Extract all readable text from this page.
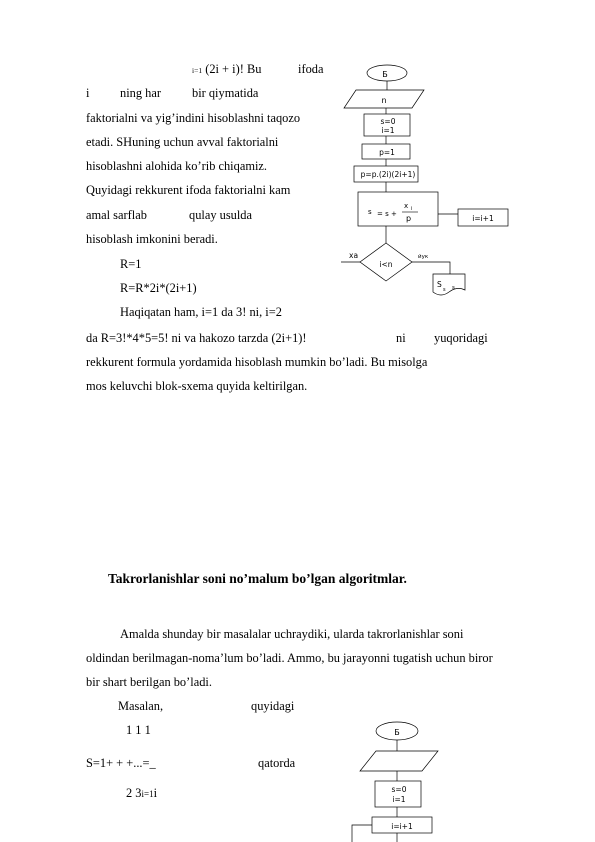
i=1 (2i + i)! Bu	ifoda
i ning har	bir qiymatida
faktorialni va yig’indini hisoblashni taqozo
etadi. SHuning uchun avval faktorialni
hisoblashni alohida ko’rib chiqamiz.
Quyidagi rekkurent ifoda faktorialni kam
amal sarflab	qulay usulda
hisoblash imkonini beradi.
R=1
R=R*2i*(2i+1)
Haqiqatan ham, i=1 da 3! ni, i=2
da R=3!*4*5=5! ni va hakozo tarzda (2i+1)!	ni yuqoridagi
rekkurent formula yordamida hisoblash mumkin bo’ladi. Bu misolga
mos keluvchi blok-sxema quyida keltirilgan.
Б
n
s=0
i=1
p=1
p=p.(2i)(2i+1)
s = s +
x i
p	i=i+1
i<n
ха	йук
S
s s
Б
s=0
i=1
i=i+1
Takrorlanishlar soni no’malum bo’lgan algoritmlar.
Amalda shunday bir masalalar uchraydiki, ularda takrorlanishlar soni
oldindan berilmagan-noma’lum bo’ladi. Ammo, bu jarayonni tugatish uchun biror
bir shart berilgan bo’ladi.
Masalan,	quyidagi
1 1 1
S=1+ + +...=_	qatorda
2 3i=1i
